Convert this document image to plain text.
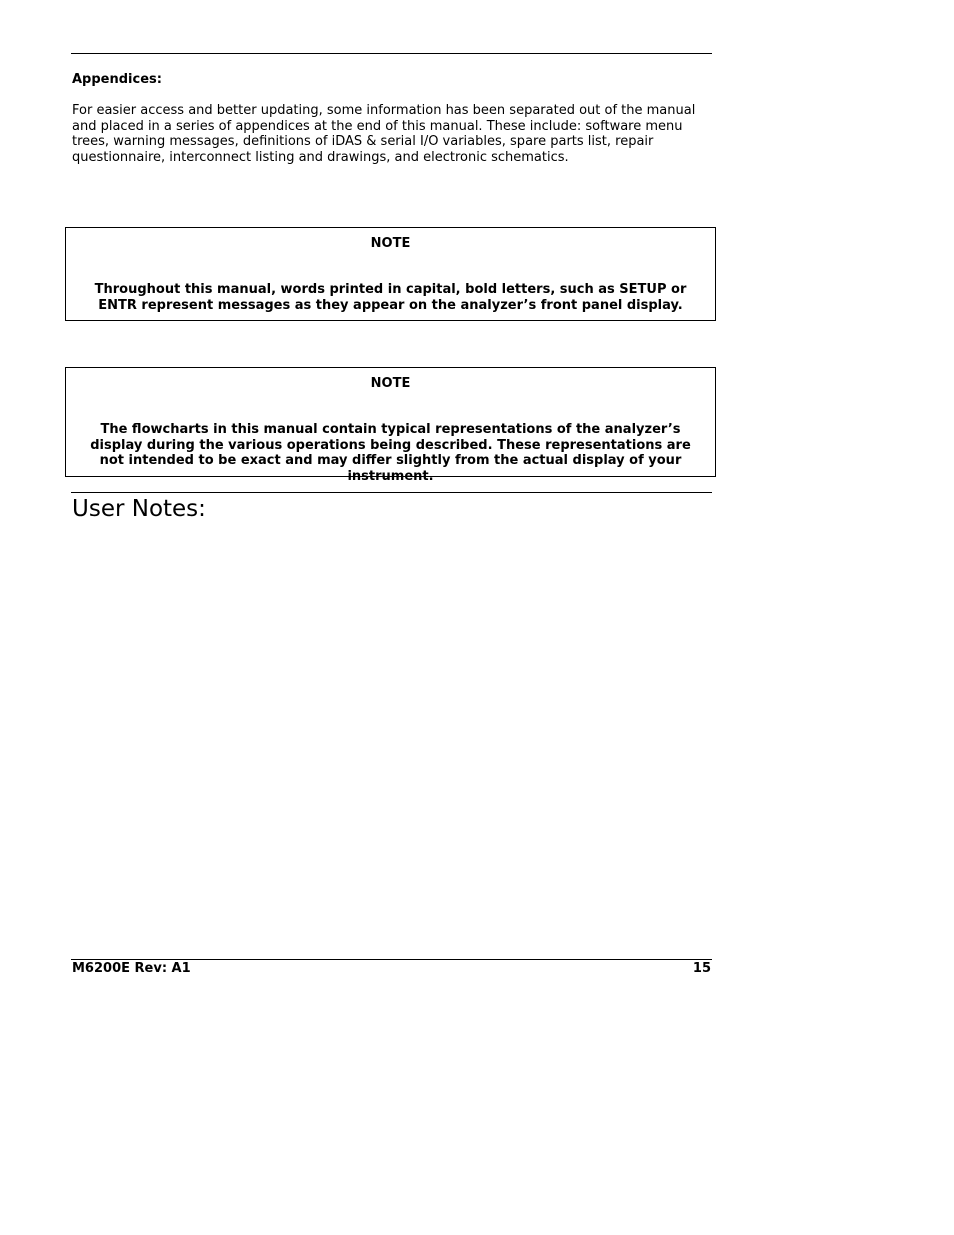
Appendices:
For easier access and better updating, some information has been separated out of the manual and placed in a series of appendices at the end of this manual. These include: software menu trees, warning messages, definitions of iDAS & serial I/O variables, spare parts list, repair questionnaire, interconnect listing and drawings, and electronic schematics.
NOTE
Throughout this manual, words printed in capital, bold letters, such as SETUP or ENTR represent messages as they appear on the analyzer’s front panel display.
NOTE
The flowcharts in this manual contain typical representations of the analyzer’s display during the various operations being described. These representations are not intended to be exact and may differ slightly from the actual display of your instrument.
User Notes:
M6200E Rev: A1	15
